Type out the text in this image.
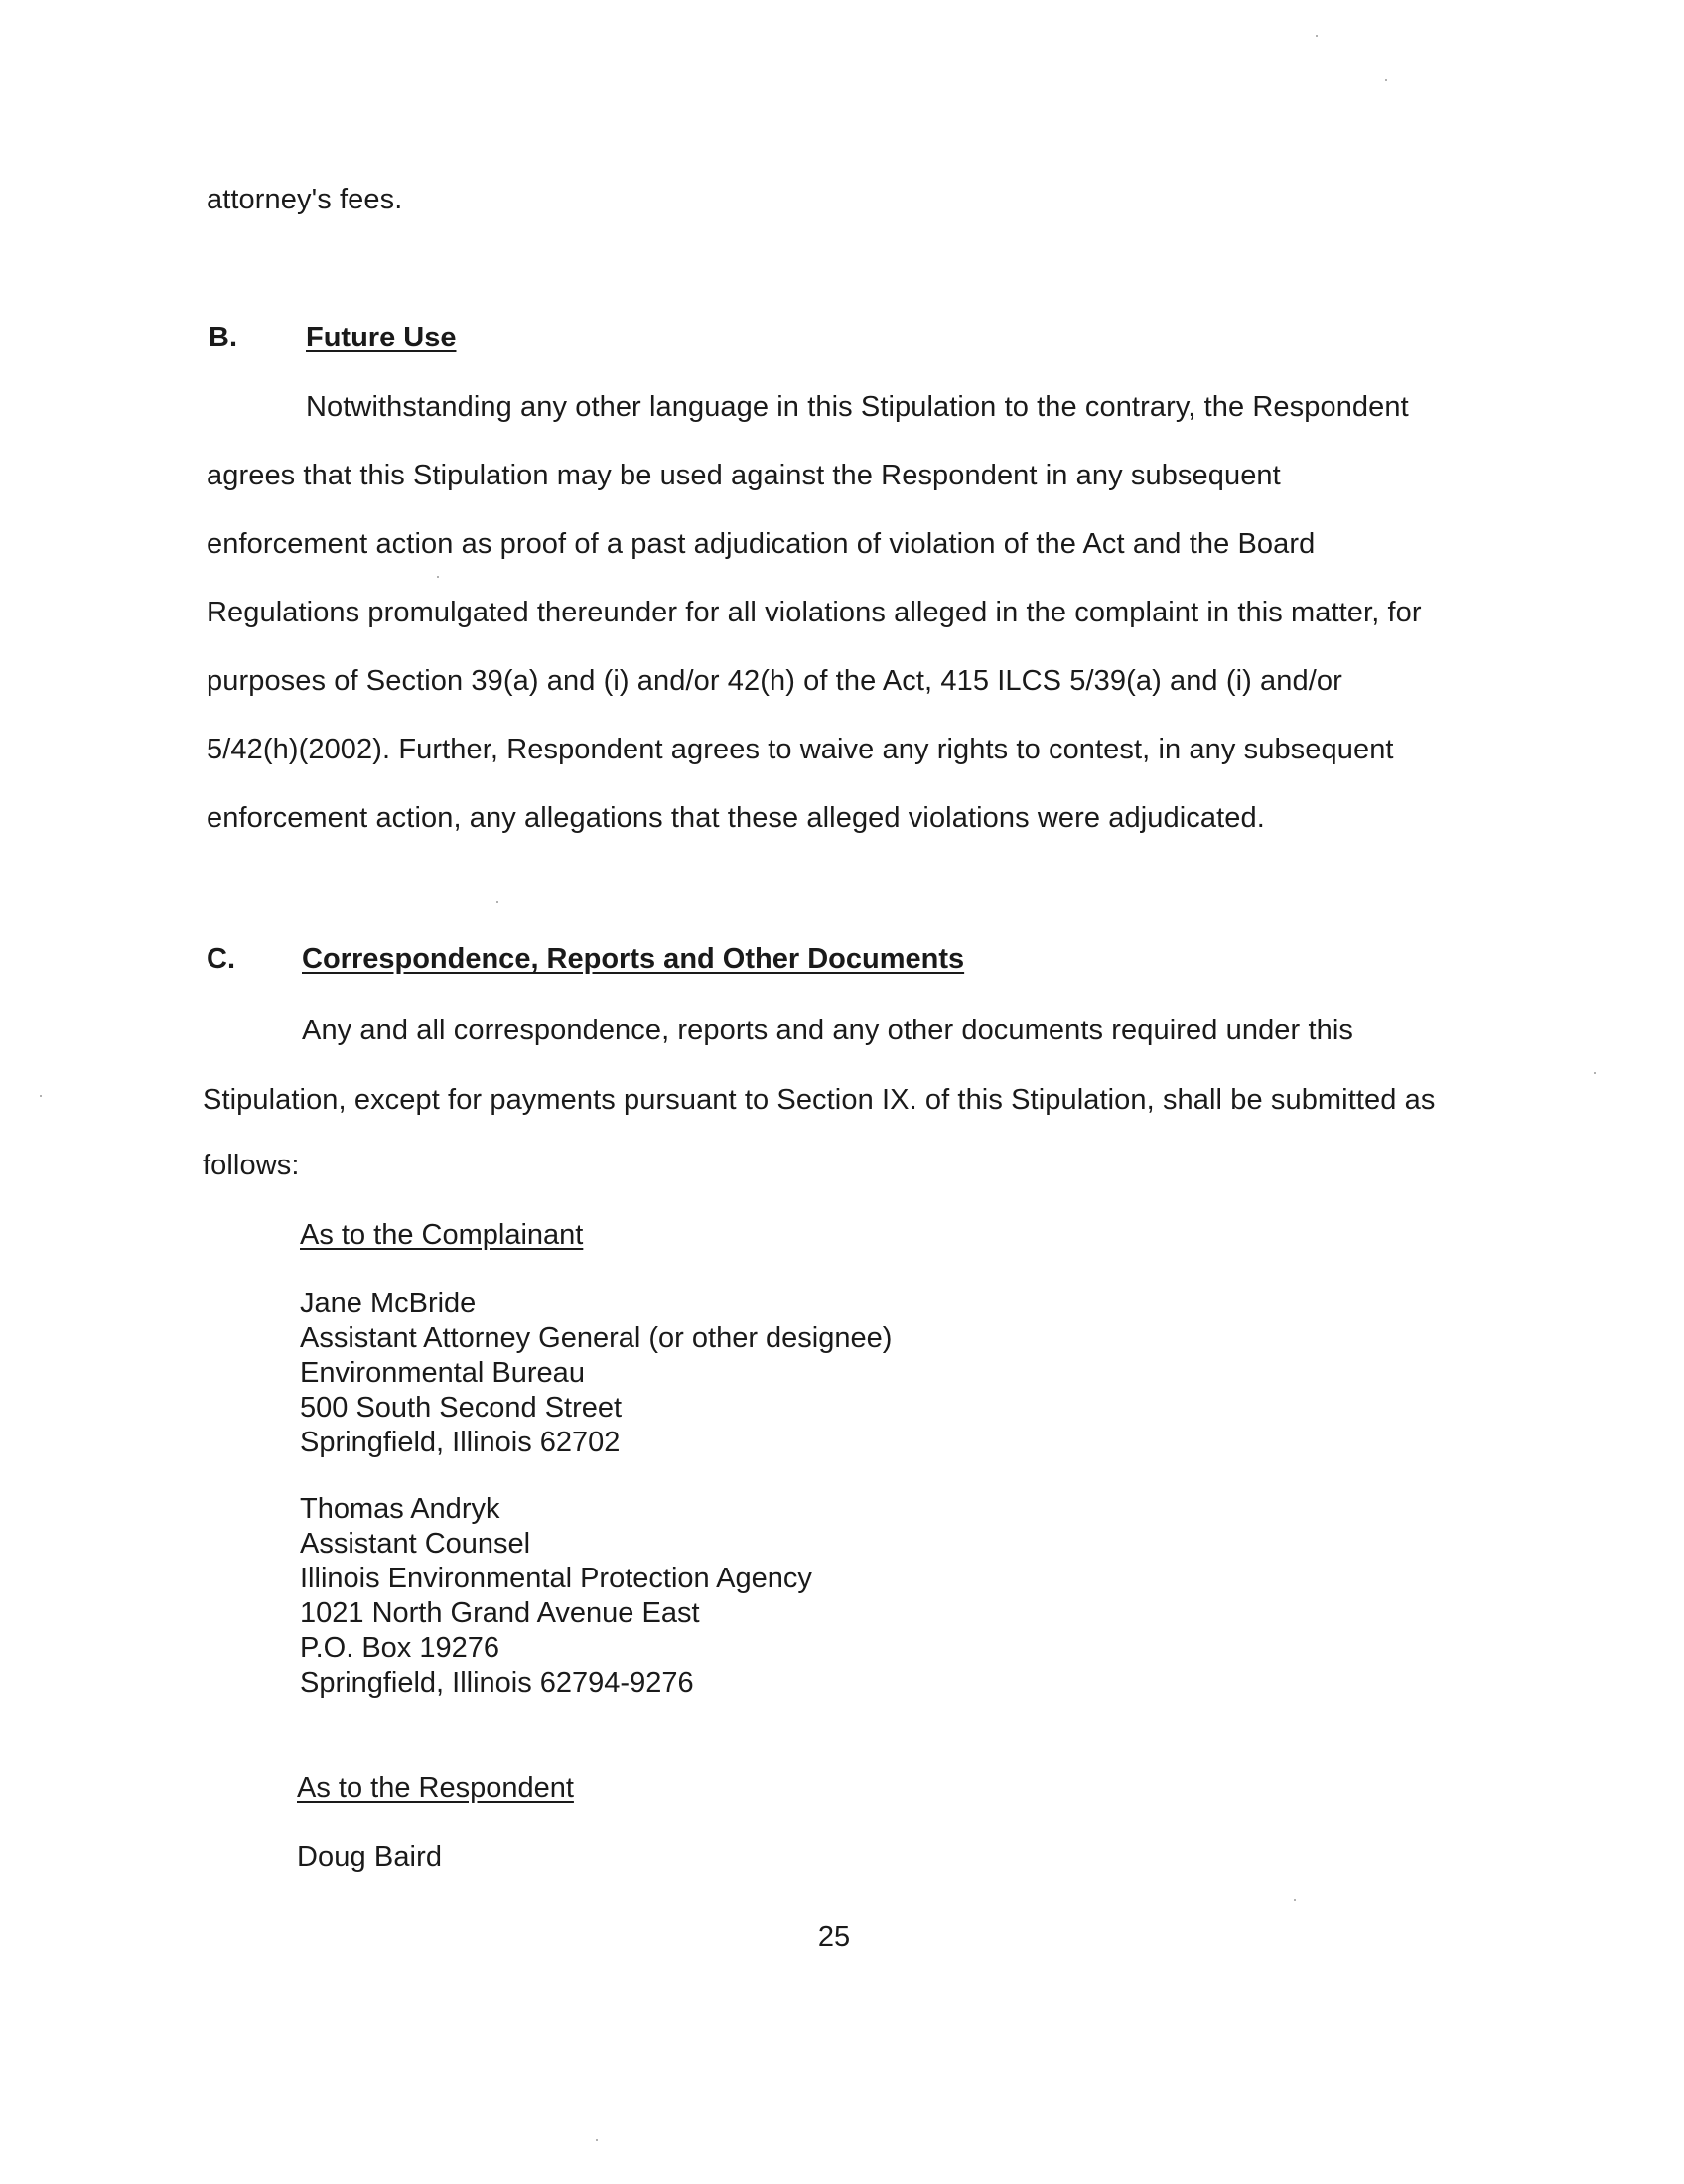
attorney's fees.
B. Future Use
Notwithstanding any other language in this Stipulation to the contrary, the Respondent
agrees that this Stipulation may be used against the Respondent in any subsequent
enforcement action as proof of a past adjudication of violation of the Act and the Board
Regulations promulgated thereunder for all violations alleged in the complaint in this matter, for
purposes of Section 39(a) and (i) and/or 42(h) of the Act, 415 ILCS 5/39(a) and (i) and/or
5/42(h)(2002). Further, Respondent agrees to waive any rights to contest, in any subsequent
enforcement action, any allegations that these alleged violations were adjudicated.
C. Correspondence, Reports and Other Documents
Any and all correspondence, reports and any other documents required under this
Stipulation, except for payments pursuant to Section IX. of this Stipulation, shall be submitted as
follows:
As to the Complainant
Jane McBride
Assistant Attorney General (or other designee)
Environmental Bureau
500 South Second Street
Springfield, Illinois 62702
Thomas Andryk
Assistant Counsel
Illinois Environmental Protection Agency
1021 North Grand Avenue East
P.O. Box 19276
Springfield, Illinois 62794-9276
As to the Respondent
Doug Baird
25
